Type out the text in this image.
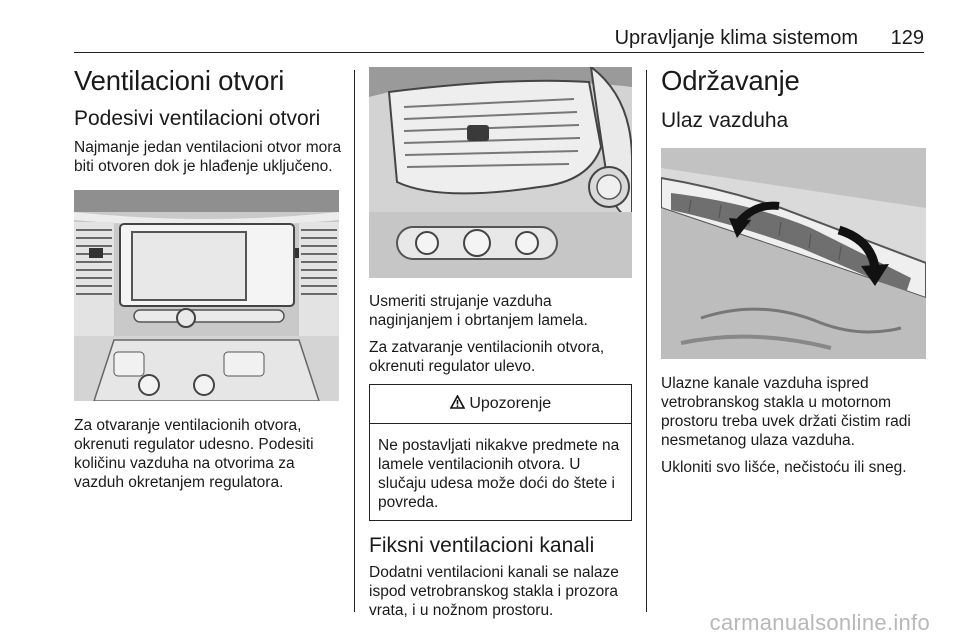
Upravljanje klima sistemom 129
Ventilacioni otvori
Podesivi ventilacioni otvori

Najmanje jedan ventilacioni otvor mora biti otvoren dok je hlađenje uključeno.

Za otvaranje ventilacionih otvora, okrenuti regulator udesno. Podesiti količinu vazduha na otvorima za vazduh okretanjem regulatora.

Usmeriti strujanje vazduha naginjanjem i obrtanjem lamela.

Za zatvaranje ventilacionih otvora, okrenuti regulator ulevo.

Upozorenje
Ne postavljati nikakve predmete na lamele ventilacionih otvora. U slučaju udesa može doći do štete i povreda.
Fiksni ventilacioni kanali

Dodatni ventilacioni kanali se nalaze ispod vetrobranskog stakla i prozora vrata, i u nožnom prostoru.

Održavanje
Ulaz vazduha

Ulazne kanale vazduha ispred vetrobranskog stakla u motornom prostoru treba uvek držati čistim radi nesmetanog ulaza vazduha.

Ukloniti svo lišće, nečistoću ili sneg.

carmanualsonline.info
